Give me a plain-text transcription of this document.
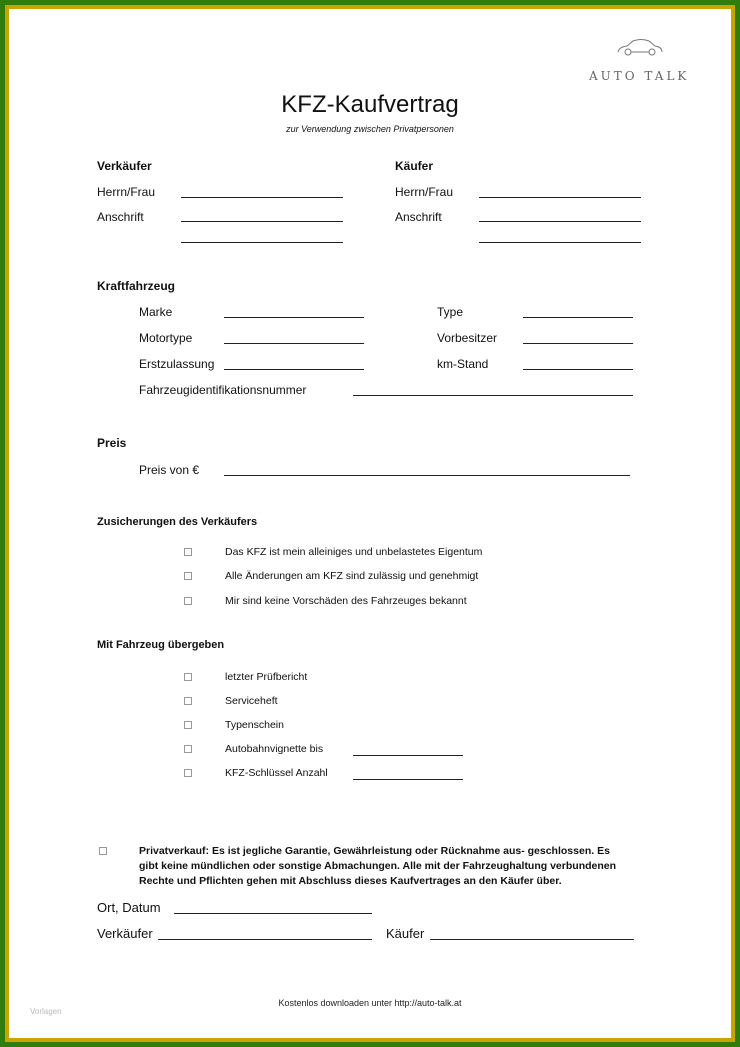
AUTO TALK
KFZ-Kaufvertrag
zur Verwendung zwischen Privatpersonen
Verkäufer	Käufer
Herrn/Frau	Herrn/Frau
Anschrift	Anschrift
Kraftfahrzeug
Marke	Type
Motortype	Vorbesitzer
Erstzulassung	km-Stand
Fahrzeugidentifikationsnummer
Preis
Preis von €
Zusicherungen des Verkäufers
Das KFZ ist mein alleiniges und unbelastetes Eigentum
Alle Änderungen am KFZ sind zulässig und genehmigt
Mir sind keine Vorschäden des Fahrzeuges bekannt
Mit Fahrzeug übergeben
letzter Prüfbericht
Serviceheft
Typenschein
Autobahnvignette bis
KFZ-Schlüssel Anzahl
Privatverkauf: Es ist jegliche Garantie, Gewährleistung oder Rücknahme aus- geschlossen. Es
gibt keine mündlichen oder sonstige Abmachungen. Alle mit der Fahrzeughaltung verbundenen
Rechte und Pflichten gehen mit Abschluss dieses Kaufvertrages an den Käufer über.
Ort, Datum
Verkäufer	Käufer
Kostenlos downloaden unter http://auto-talk.at
Vorlagen
